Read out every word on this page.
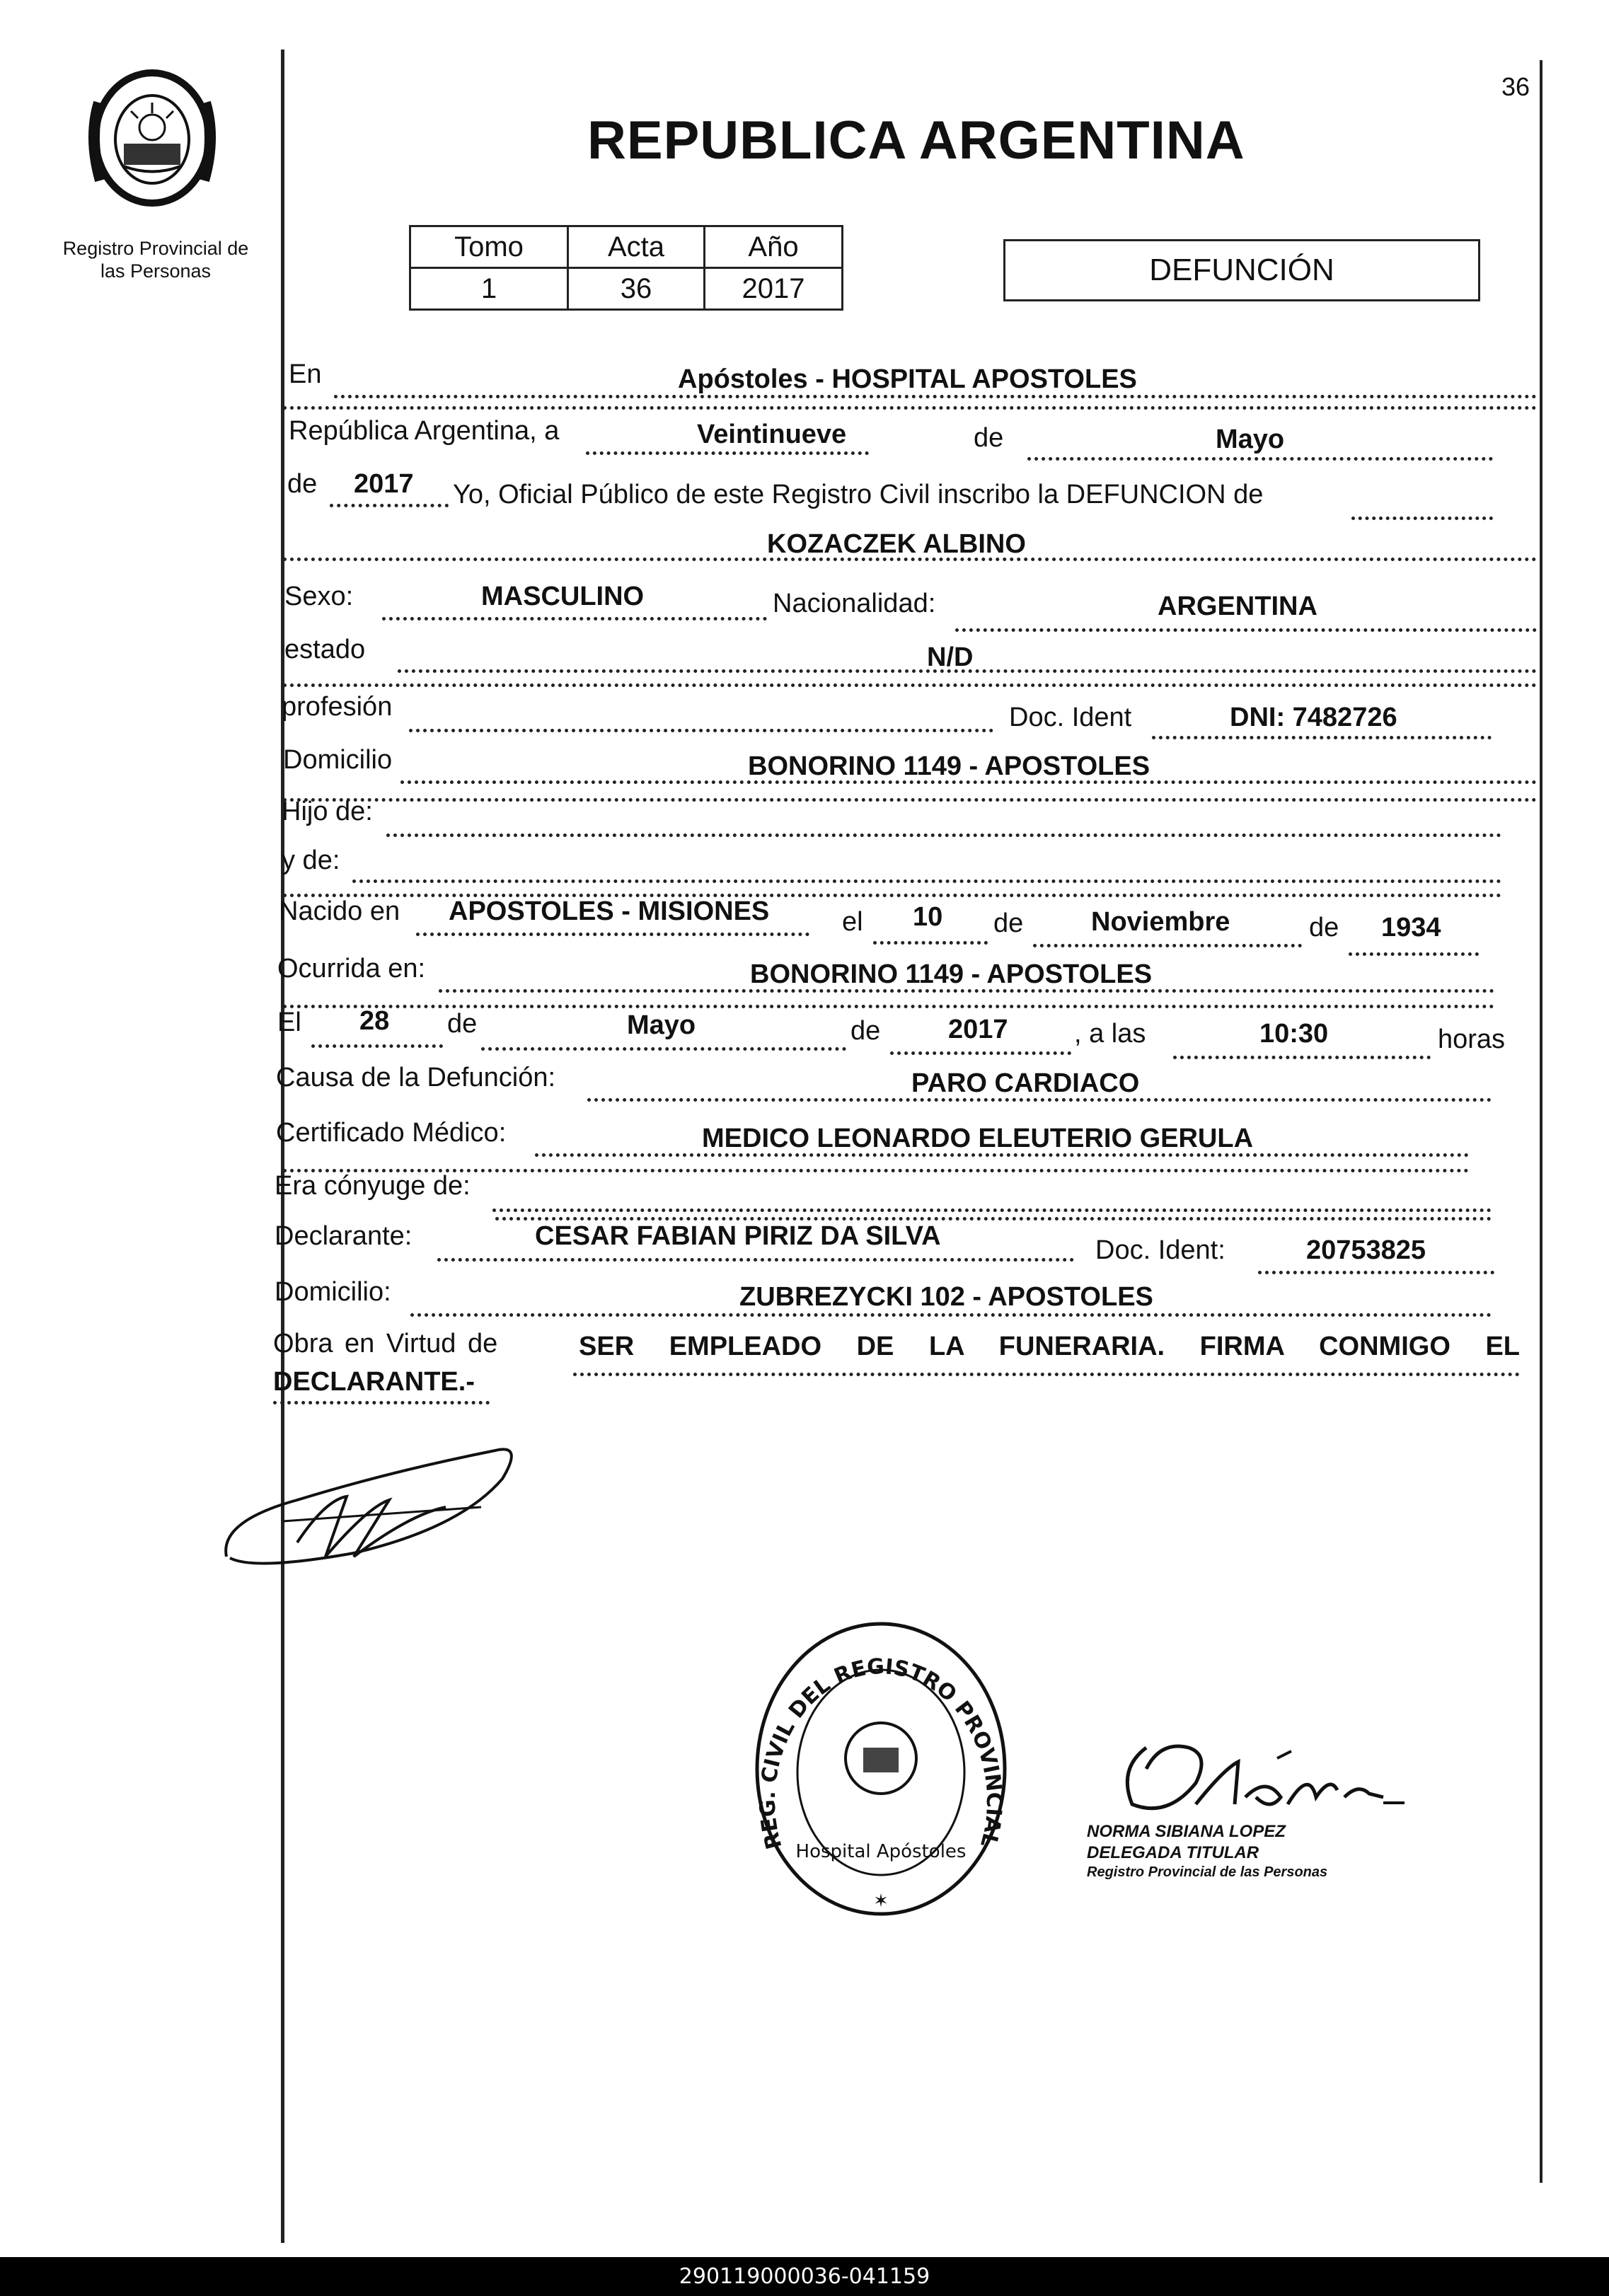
Registro Provincial de las Personas
36
REPUBLICA ARGENTINA
Tomo	Acta	Año
1	36	2017
DEFUNCIÓN
En	Apóstoles - HOSPITAL APOSTOLES
República Argentina, a	Veintinueve	de	Mayo
de 2017 Yo, Oficial Público de este Registro Civil inscribo la DEFUNCION de
KOZACZEK ALBINO
Sexo:	MASCULINO	Nacionalidad:	ARGENTINA
estado	N/D
profesión	Doc. Ident	DNI: 7482726
Domicilio	BONORINO 1149 - APOSTOLES
Hijo de:
y de:
Nacido en APOSTOLES - MISIONES	el 10 de	Noviembre	de 1934
Ocurrida en:	BONORINO 1149 - APOSTOLES
El 28 de	Mayo	de	2017 , a las	10:30	horas
Causa de la Defunción:	PARO CARDIACO
Certificado Médico:	MEDICO LEONARDO ELEUTERIO GERULA
Era cónyuge de:
Declarante:	CESAR FABIAN PIRIZ DA SILVA	Doc. Ident:	20753825
Domicilio:	ZUBREZYCKI 102 - APOSTOLES
Obra en Virtud de	SER EMPLEADO DE LA FUNERARIA. FIRMA CONMIGO EL
DECLARANTE.-
REG. CIVIL DEL REGISTRO PROVINCIAL
Hospital Apóstoles
✶
NORMA SIBIANA LOPEZ
DELEGADA TITULAR
Registro Provincial de las Personas
290119000036-041159
